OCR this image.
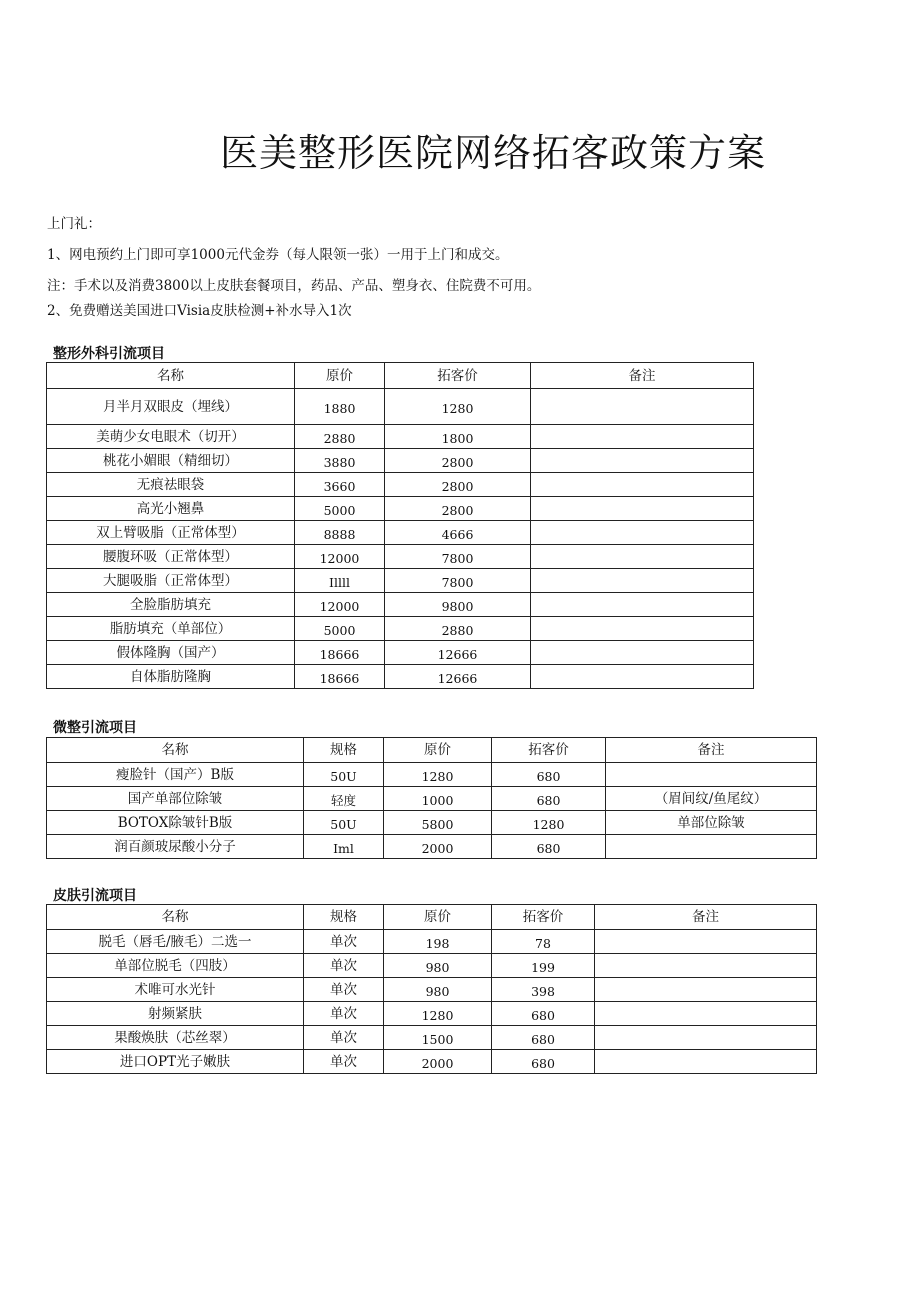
医美整形医院网络拓客政策方案
上门礼：
1、网电预约上门即可享1000元代金券（每人限领一张）一用于上门和成交。
注：手术以及消费3800以上皮肤套餐项目，药品、产品、塑身衣、住院费不可用。
2、免费赠送美国进口Visia皮肤检测+补水导入1次
整形外科引流项目
名称	原价	拓客价	备注
月半月双眼皮（埋线）	1880	1280	
美萌少女电眼术（切开）	2880	1800	
桃花小媚眼（精细切）	3880	2800	
无痕祛眼袋	3660	2800	
高光小翘鼻	5000	2800	
双上臂吸脂（正常体型）	8888	4666	
腰腹环吸（正常体型）	12000	7800	
大腿吸脂（正常体型）	Illll	7800	
全脸脂肪填充	12000	9800	
脂肪填充（单部位）	5000	2880	
假体隆胸（国产）	18666	12666	
自体脂肪隆胸	18666	12666	
微整引流项目
名称	规格	原价	拓客价	备注
瘦脸针（国产）B版	50U	1280	680	
国产单部位除皱	轻度	1000	680	（眉间纹/鱼尾纹）
BOTOX除皱针B版	50U	5800	1280	单部位除皱
润百颜玻尿酸小分子	Iml	2000	680	
皮肤引流项目
名称	规格	原价	拓客价	备注
脱毛（唇毛/腋毛）二选一	单次	198	78	
单部位脱毛（四肢）	单次	980	199	
术唯可水光针	单次	980	398	
射频紧肤	单次	1280	680	
果酸焕肤（芯丝翠）	单次	1500	680	
进口OPT光子嫩肤	单次	2000	680	
